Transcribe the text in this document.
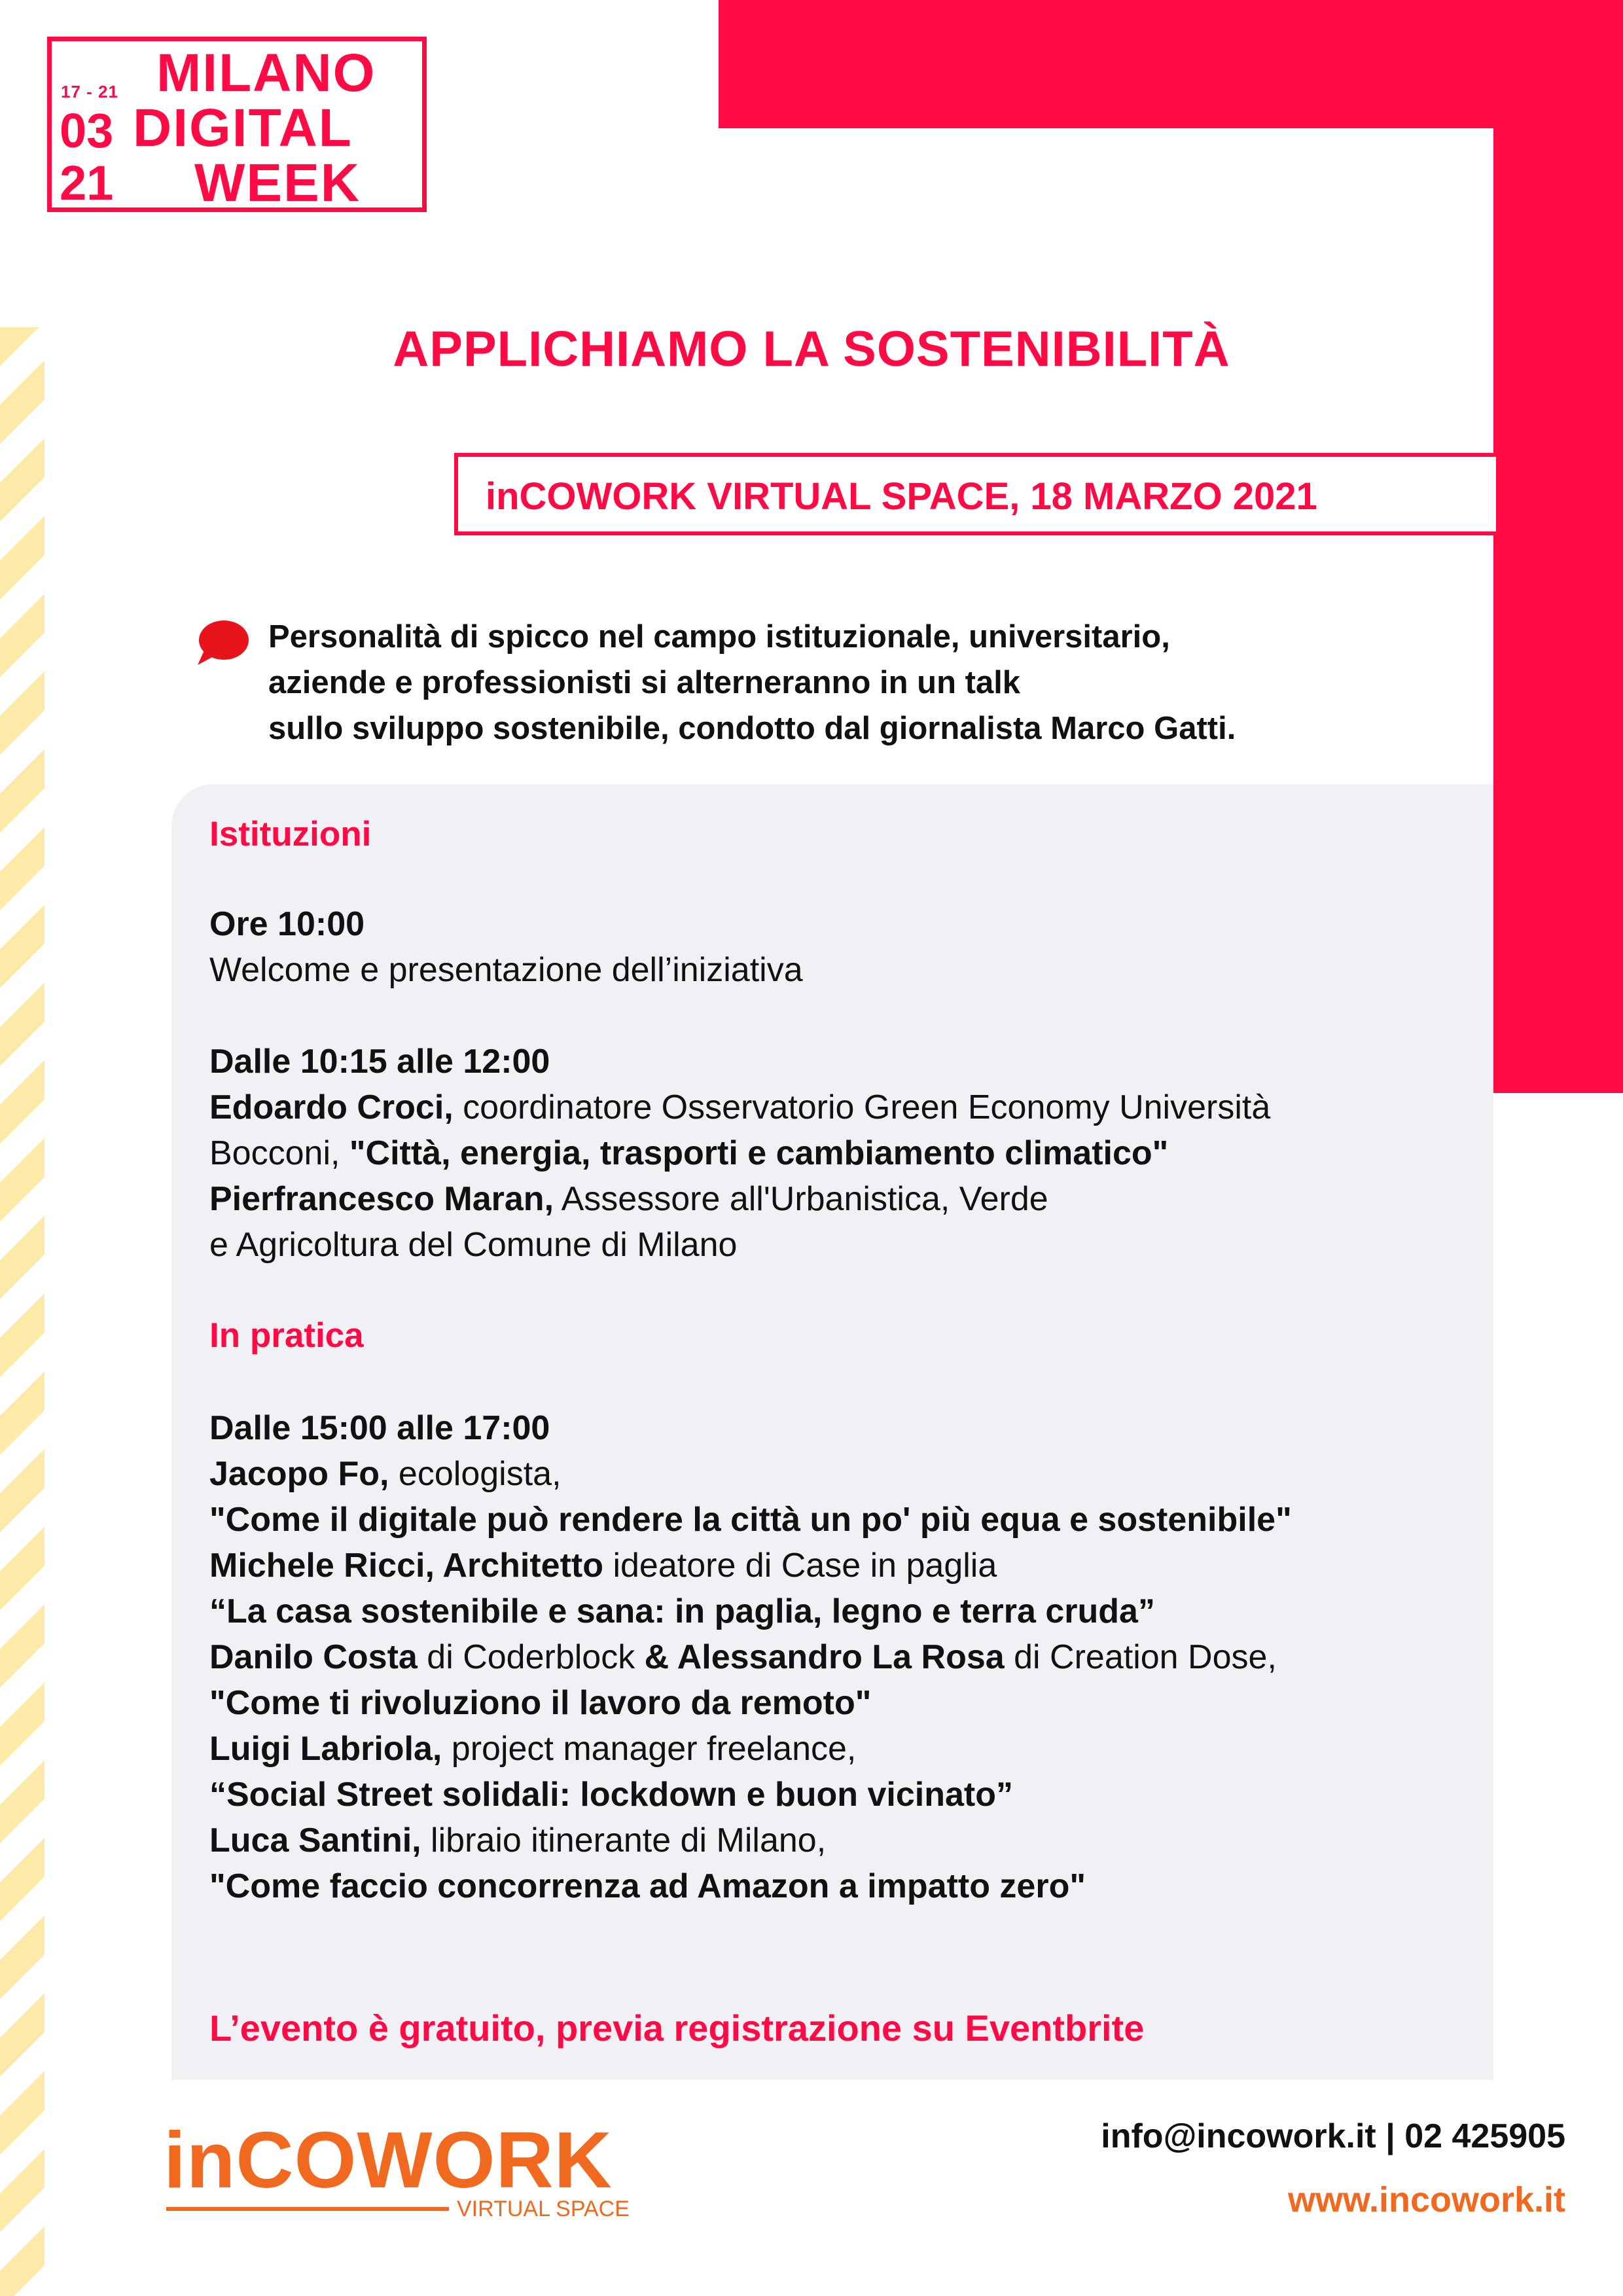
17 - 21
03
21
MILANO
DIGITAL
WEEK
APPLICHIAMO LA SOSTENIBILITÀ
inCOWORK VIRTUAL SPACE, 18 MARZO 2021
Personalità di spicco nel campo istituzionale, universitario,
aziende e professionisti si alterneranno in un talk
sullo sviluppo sostenibile, condotto dal giornalista Marco Gatti.
Istituzioni
Ore 10:00
Welcome e presentazione dell’iniziativa
Dalle 10:15 alle 12:00
Edoardo Croci, coordinatore Osservatorio Green Economy Università
Bocconi, "Città, energia, trasporti e cambiamento climatico"
Pierfrancesco Maran, Assessore all'Urbanistica, Verde
e Agricoltura del Comune di Milano
In pratica
Dalle 15:00 alle 17:00
Jacopo Fo, ecologista,
"Come il digitale può rendere la città un po' più equa e sostenibile"
Michele Ricci, Architetto ideatore di Case in paglia
“La casa sostenibile e sana: in paglia, legno e terra cruda”
Danilo Costa di Coderblock & Alessandro La Rosa di Creation Dose,
"Come ti rivoluziono il lavoro da remoto"
Luigi Labriola, project manager freelance,
“Social Street solidali: lockdown e buon vicinato”
Luca Santini, libraio itinerante di Milano,
"Come faccio concorrenza ad Amazon a impatto zero"
L’evento è gratuito, previa registrazione su Eventbrite
inCOWORK
VIRTUAL SPACE
info@incowork.it | 02 425905
www.incowork.it
